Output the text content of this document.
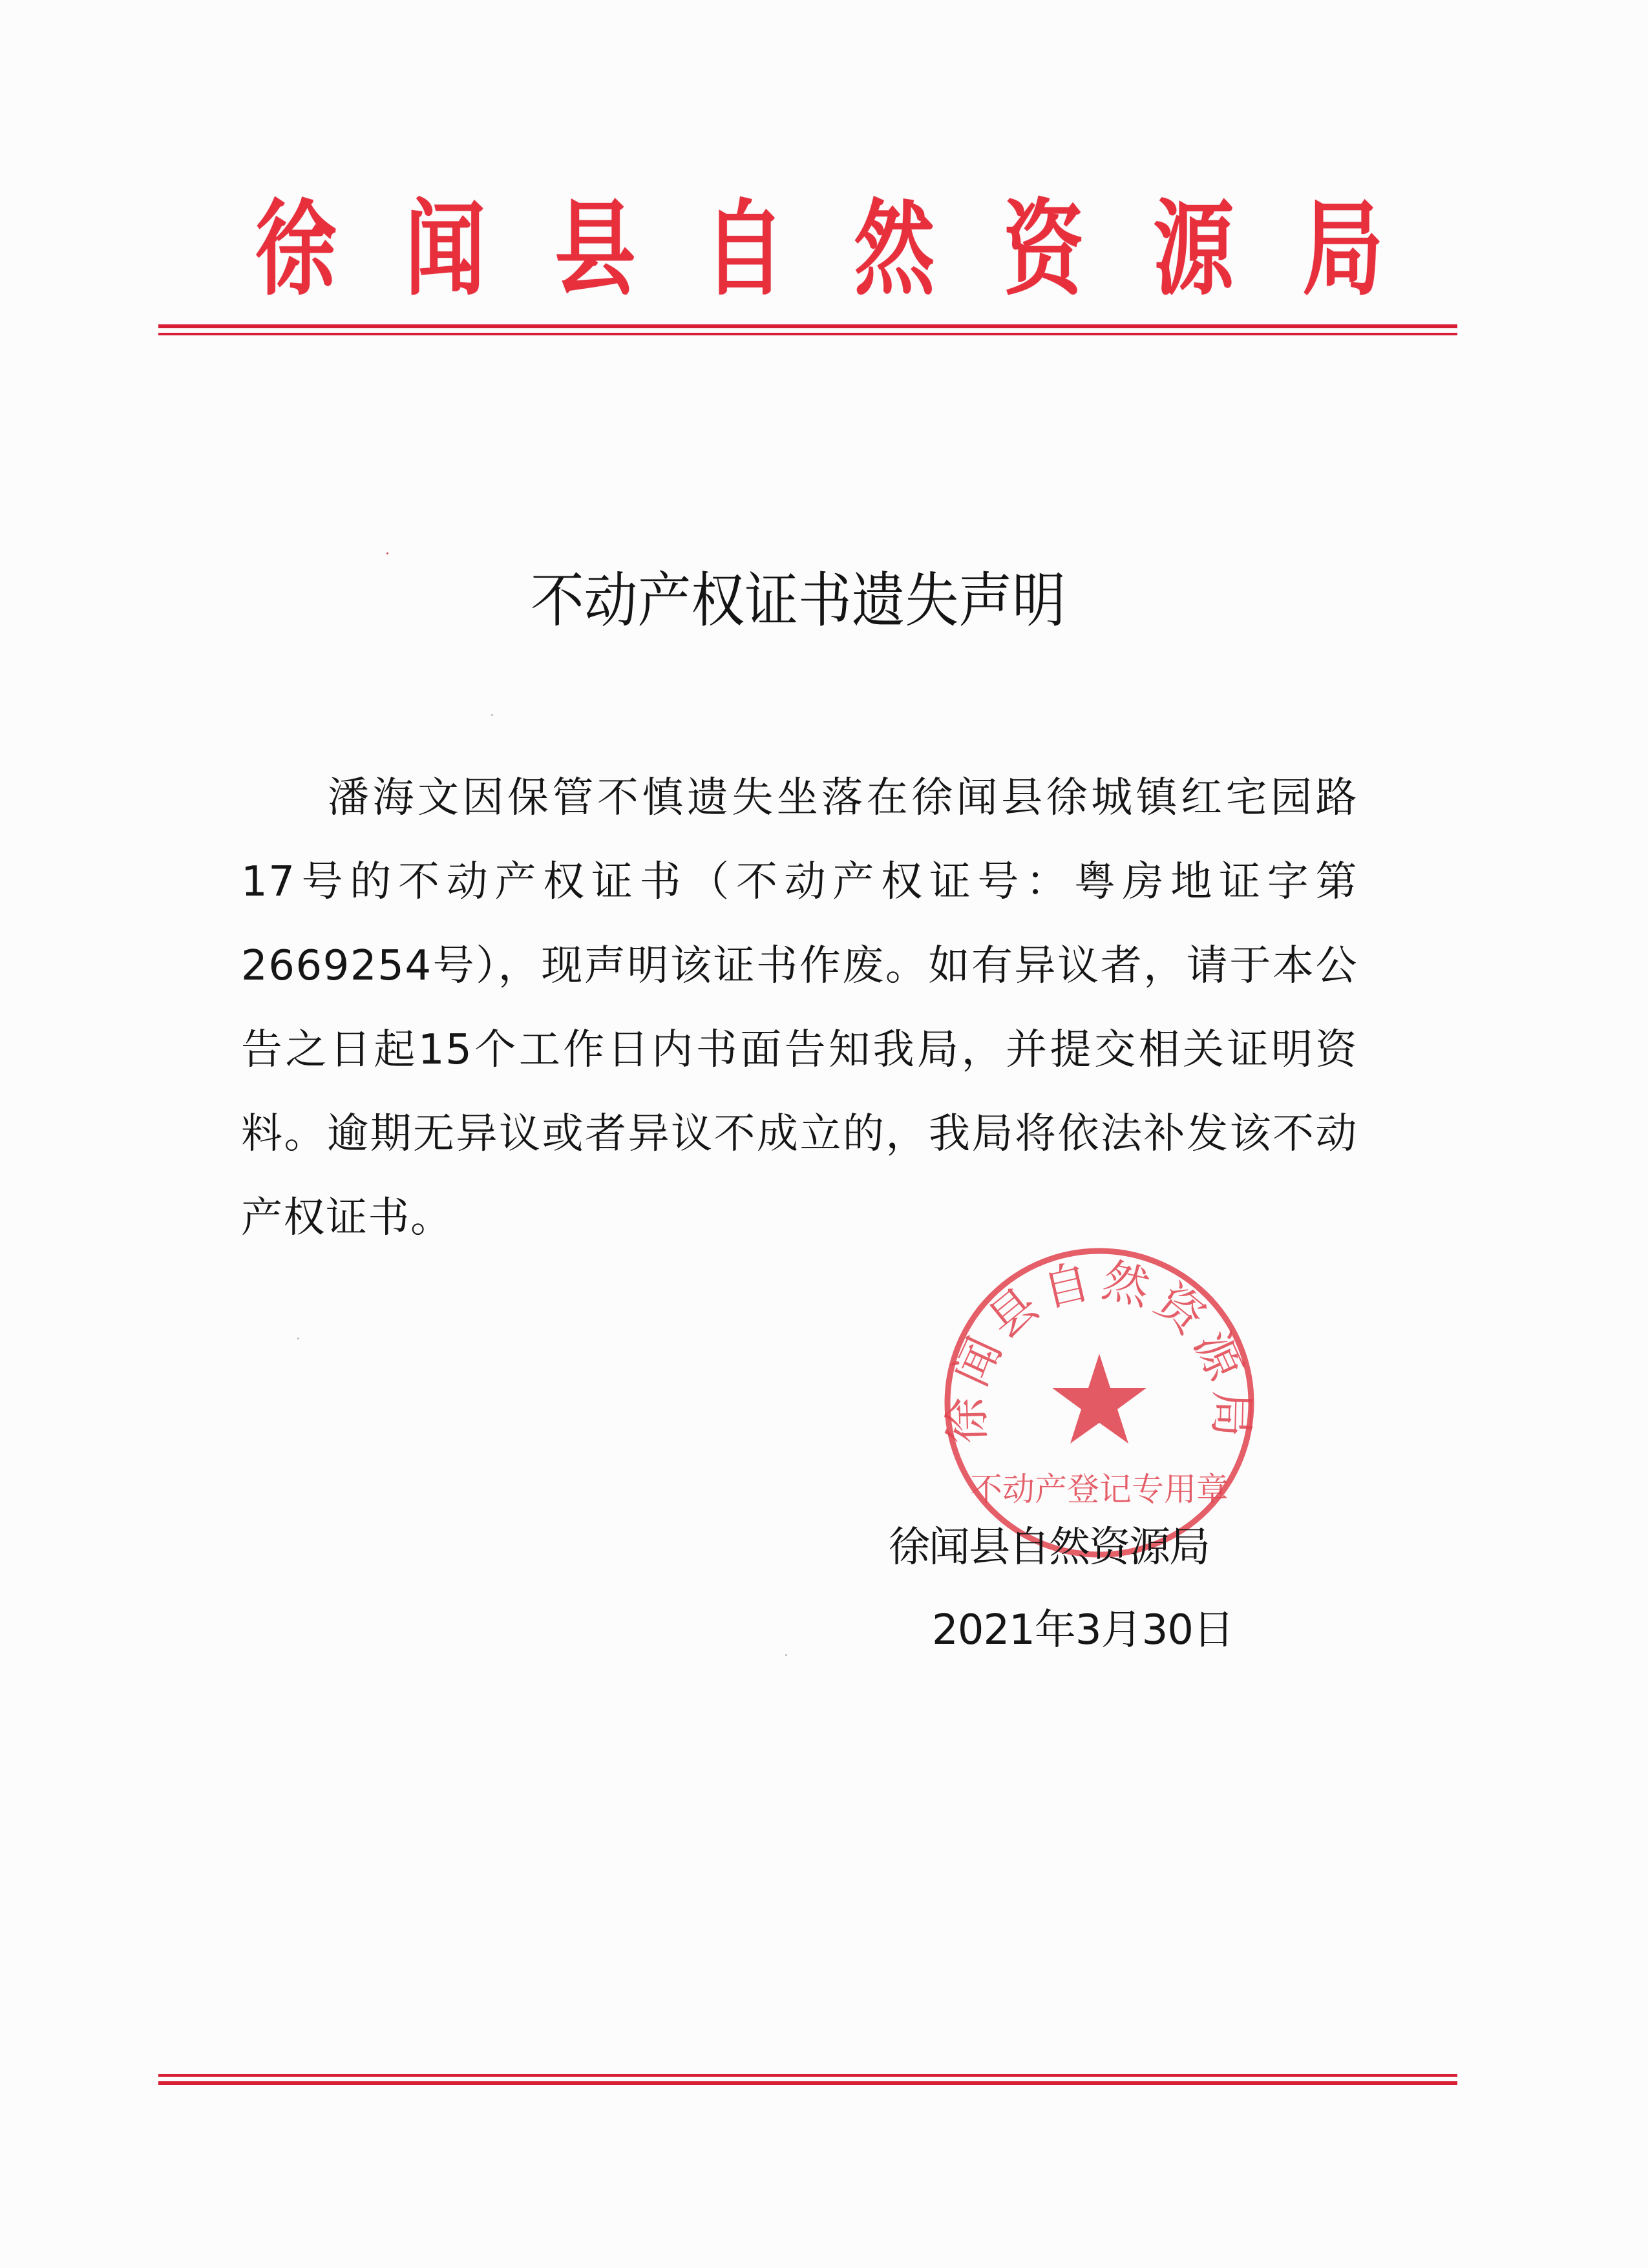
徐 闻 县 自 然 资 源 局
不动产权证书遗失声明
潘海文因保管不慎遗失坐落在徐闻县徐城镇红宅园路
17号的不动产权证书（不动产权证号：粤房地证字第
2669254号），现声明该证书作废。如有异议者，请于本公
告之日起15个工作日内书面告知我局，并提交相关证明资
料。逾期无异议或者异议不成立的，我局将依法补发该不动
产权证书。
徐闻县自然资源局
不动产登记专用章
徐闻县自然资源局
2021年3月30日
